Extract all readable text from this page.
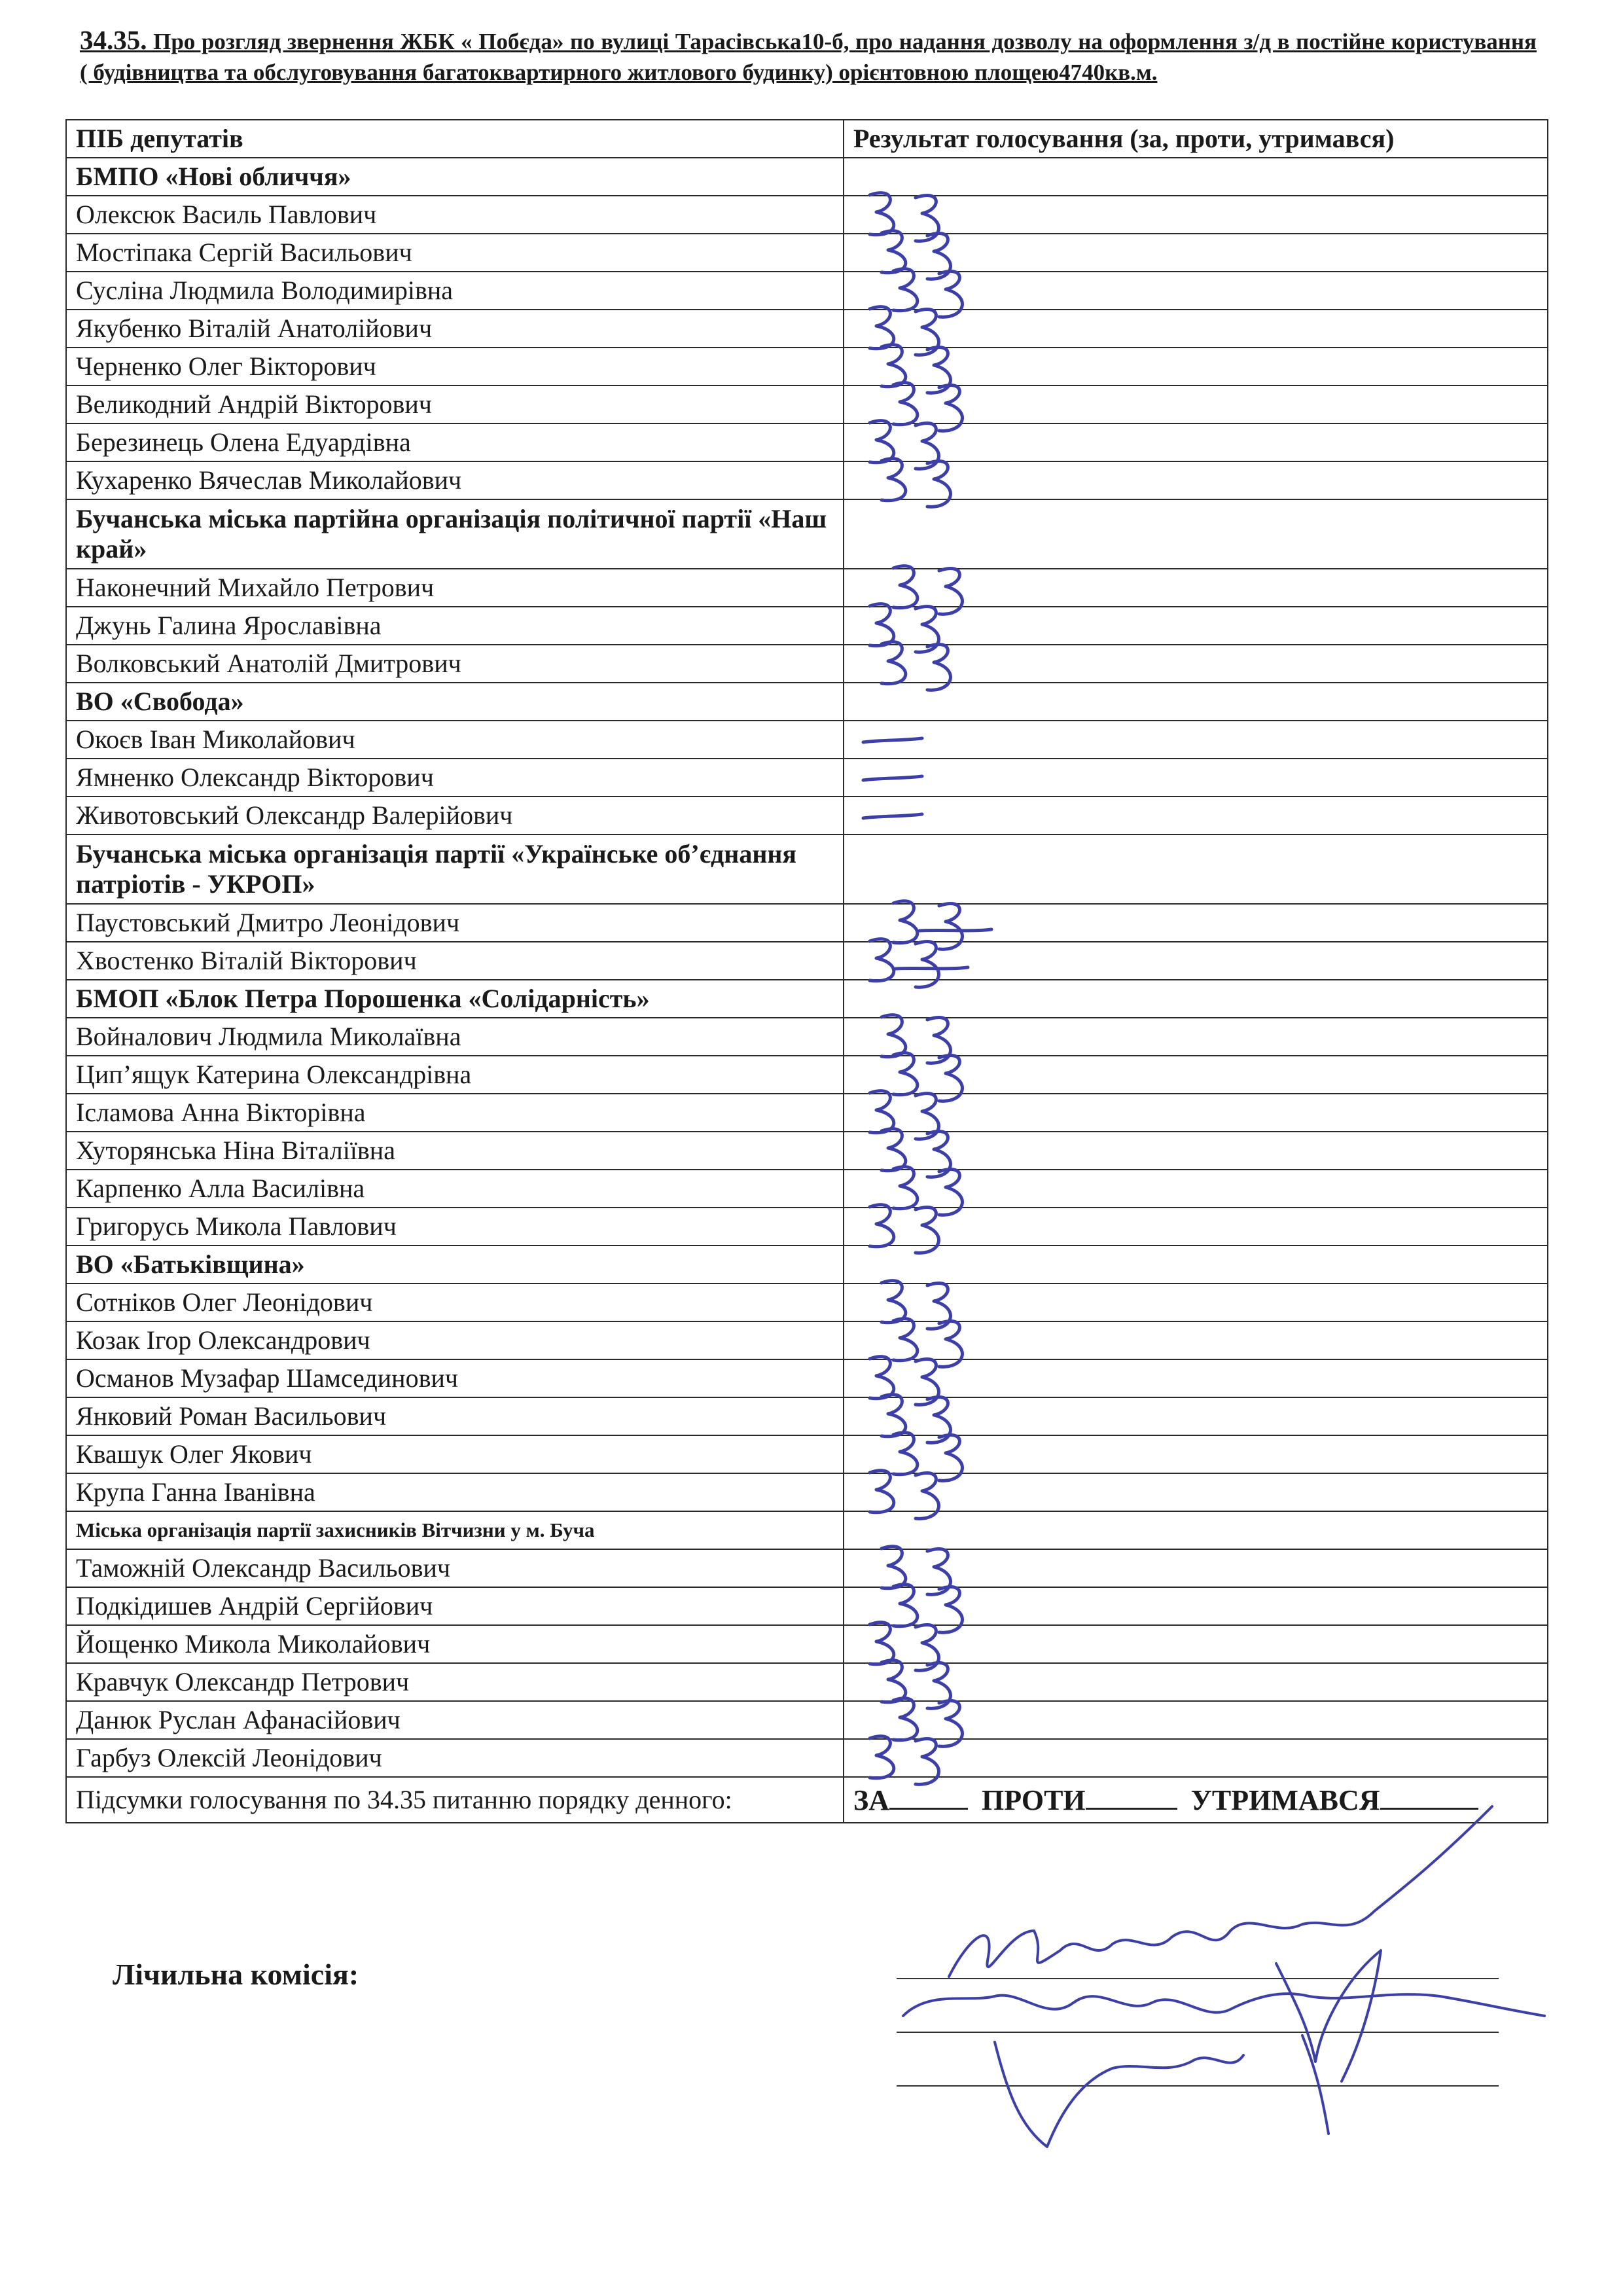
34.35. Про розгляд звернення ЖБК « Побєда» по вулиці Тарасівська10-б, про надання дозволу на оформлення з/д в постійне користування ( будівництва та обслуговування багатоквартирного житлового будинку) орієнтовною площею4740кв.м.
ПІБ депутатів	Результат голосування (за, проти, утримався)
БМПО «Нові обличчя»	
Олексюк Василь Павлович	
Мостіпака Сергій Васильович	
Сусліна Людмила Володимирівна	
Якубенко Віталій Анатолійович	
Черненко Олег Вікторович	
Великодний Андрій Вікторович	
Березинець Олена Едуардівна	
Кухаренко Вячеслав Миколайович	
Бучанська міська партійна організація політичної партії «Наш край»	
Наконечний Михайло Петрович	
Джунь Галина Ярославівна	
Волковський Анатолій Дмитрович	
ВО «Свобода»	
Окоєв Іван Миколайович	
Ямненко Олександр Вікторович	
Животовський Олександр Валерійович	
Бучанська міська організація партії «Українське об’єднання патріотів - УКРОП»	
Паустовський Дмитро Леонідович	
Хвостенко Віталій Вікторович	
БМОП «Блок Петра Порошенка «Солідарність»	
Войналович Людмила Миколаївна	
Цип’ящук Катерина Олександрівна	
Ісламова Анна Вікторівна	
Хуторянська Ніна Віталіївна	
Карпенко Алла Василівна	
Григорусь Микола Павлович	
ВО «Батьківщина»	
Сотніков Олег Леонідович	
Козак Ігор Олександрович	
Османов Музафар Шамсединович	
Янковий Роман Васильович	
Квашук Олег Якович	
Крупа Ганна Іванівна	
Міська організація партії захисників Вітчизни у м. Буча	
Таможній Олександр Васильович	
Подкідишев Андрій Сергійович	
Йощенко Микола Миколайович	
Кравчук Олександр Петрович	
Данюк Руслан Афанасійович	
Гарбуз Олексій Леонідович	
Підсумки голосування по 34.35 питанню порядку денного:	ЗА ПРОТИ УТРИМАВСЯ
Лічильна комісія:
